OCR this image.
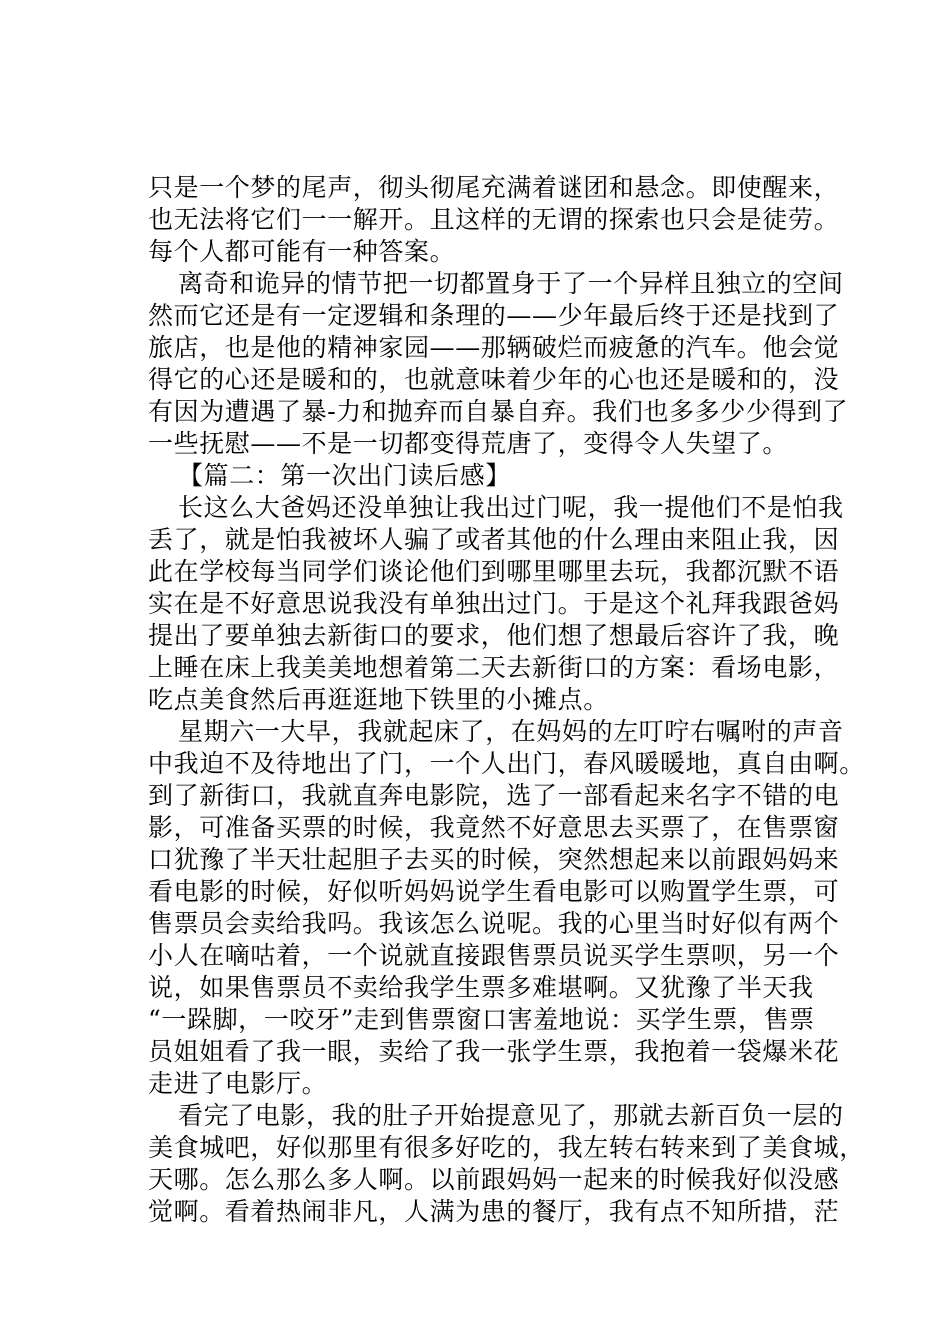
只是一个梦的尾声，彻头彻尾充满着谜团和悬念。即使醒来，
也无法将它们一一解开。且这样的无谓的探索也只会是徒劳。
每个人都可能有一种答案。
离奇和诡异的情节把一切都置身于了一个异样且独立的空间
然而它还是有一定逻辑和条理的——少年最后终于还是找到了
旅店，也是他的精神家园——那辆破烂而疲惫的汽车。他会觉
得它的心还是暖和的，也就意味着少年的心也还是暖和的，没
有因为遭遇了暴-力和抛弃而自暴自弃。我们也多多少少得到了
一些抚慰——不是一切都变得荒唐了，变得令人失望了。
【篇二：第一次出门读后感】
长这么大爸妈还没单独让我出过门呢，我一提他们不是怕我
丢了，就是怕我被坏人骗了或者其他的什么理由来阻止我，因
此在学校每当同学们谈论他们到哪里哪里去玩，我都沉默不语
实在是不好意思说我没有单独出过门。于是这个礼拜我跟爸妈
提出了要单独去新街口的要求，他们想了想最后容许了我，晚
上睡在床上我美美地想着第二天去新街口的方案：看场电影，
吃点美食然后再逛逛地下铁里的小摊点。
星期六一大早，我就起床了，在妈妈的左叮咛右嘱咐的声音
中我迫不及待地出了门，一个人出门，春风暖暖地，真自由啊。
到了新街口，我就直奔电影院，选了一部看起来名字不错的电
影，可准备买票的时候，我竟然不好意思去买票了，在售票窗
口犹豫了半天壮起胆子去买的时候，突然想起来以前跟妈妈来
看电影的时候，好似听妈妈说学生看电影可以购置学生票，可
售票员会卖给我吗。我该怎么说呢。我的心里当时好似有两个
小人在嘀咕着，一个说就直接跟售票员说买学生票呗，另一个
说，如果售票员不卖给我学生票多难堪啊。又犹豫了半天我
“一跺脚，一咬牙”走到售票窗口害羞地说：买学生票，售票
员姐姐看了我一眼，卖给了我一张学生票，我抱着一袋爆米花
走进了电影厅。
看完了电影，我的肚子开始提意见了，那就去新百负一层的
美食城吧，好似那里有很多好吃的，我左转右转来到了美食城，
天哪。怎么那么多人啊。以前跟妈妈一起来的时候我好似没感
觉啊。看着热闹非凡，人满为患的餐厅，我有点不知所措，茫
